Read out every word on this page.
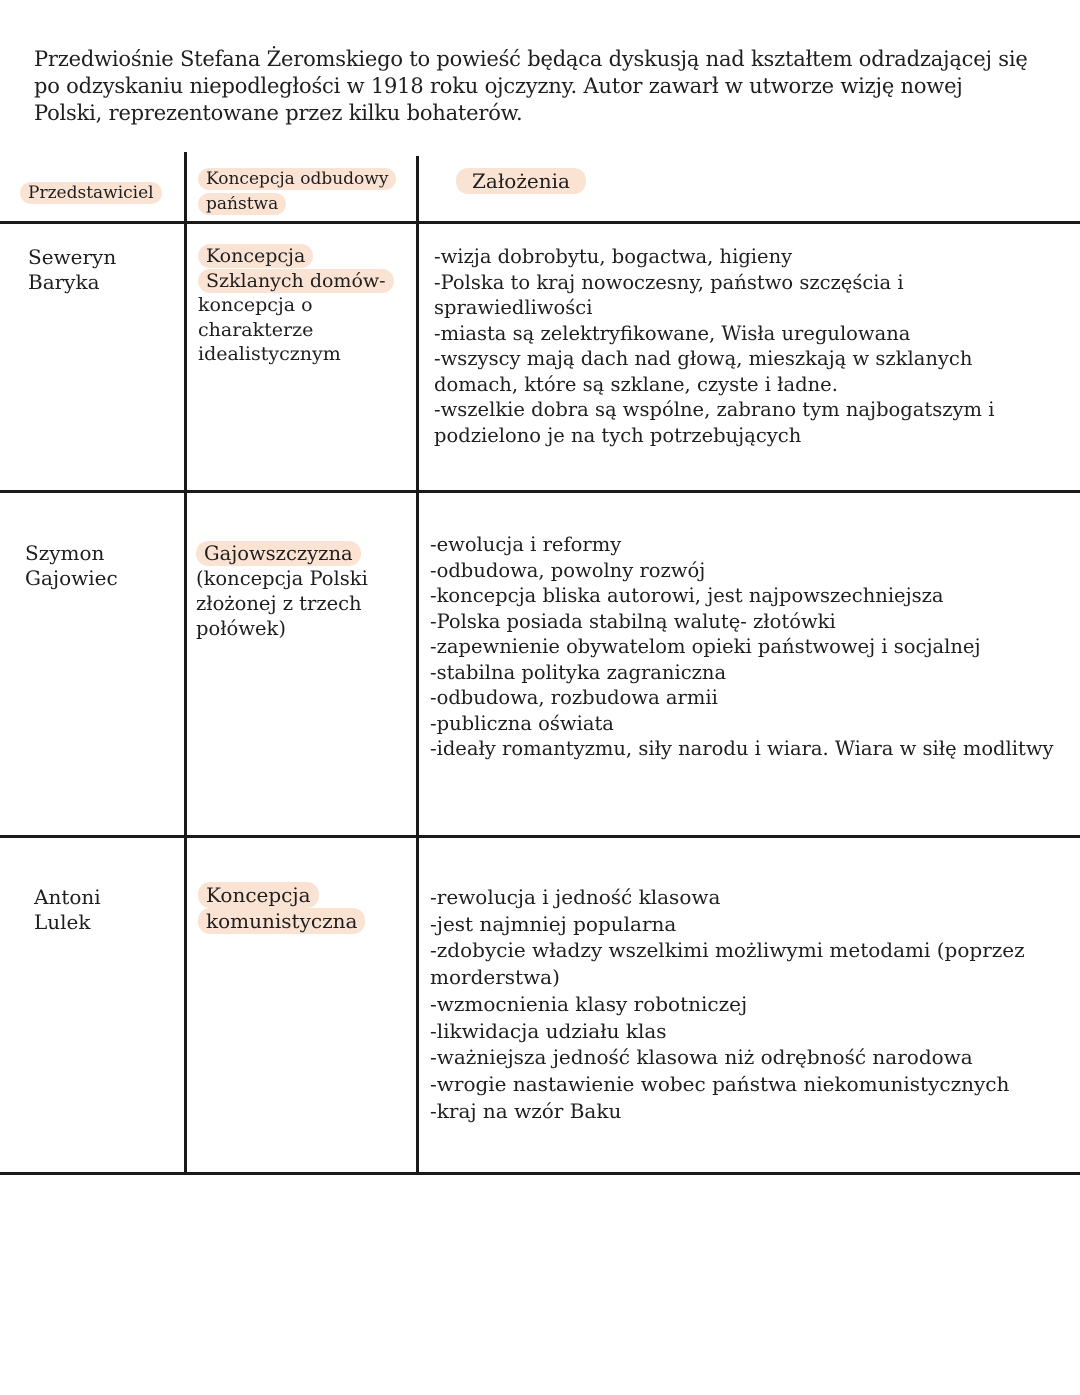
Przedwiośnie Stefana Żeromskiego to powieść będąca dyskusją nad kształtem odradzającej się po odzyskaniu niepodległości w 1918 roku ojczyzny. Autor zawarł w utworze wizję nowej Polski, reprezentowane przez kilku bohaterów.
Przedstawiciel
Koncepcja odbudowy państwa
Założenia
Seweryn Baryka
Koncepcja Szklanych domów- koncepcja o charakterze idealistycznym
-wizja dobrobytu, bogactwa, higieny
-Polska to kraj nowoczesny, państwo szczęścia i sprawiedliwości
-miasta są zelektryfikowane, Wisła uregulowana
-wszyscy mają dach nad głową, mieszkają w szklanych domach, które są szklane, czyste i ładne.
-wszelkie dobra są wspólne, zabrano tym najbogatszym i podzielono je na tych potrzebujących
Szymon Gajowiec
Gajowszczyzna (koncepcja Polski złożonej z trzech połówek)
-ewolucja i reformy
-odbudowa, powolny rozwój
-koncepcja bliska autorowi, jest najpowszechniejsza
-Polska posiada stabilną walutę- złotówki
-zapewnienie obywatelom opieki państwowej i socjalnej
-stabilna polityka zagraniczna
-odbudowa, rozbudowa armii
-publiczna oświata
-ideały romantyzmu, siły narodu i wiara. Wiara w siłę modlitwy
Antoni Lulek
Koncepcja komunistyczna
-rewolucja i jedność klasowa
-jest najmniej popularna
-zdobycie władzy wszelkimi możliwymi metodami (poprzez morderstwa)
-wzmocnienia klasy robotniczej
-likwidacja udziału klas
-ważniejsza jedność klasowa niż odrębność narodowa
-wrogie nastawienie wobec państwa niekomunistycznych
-kraj na wzór Baku
